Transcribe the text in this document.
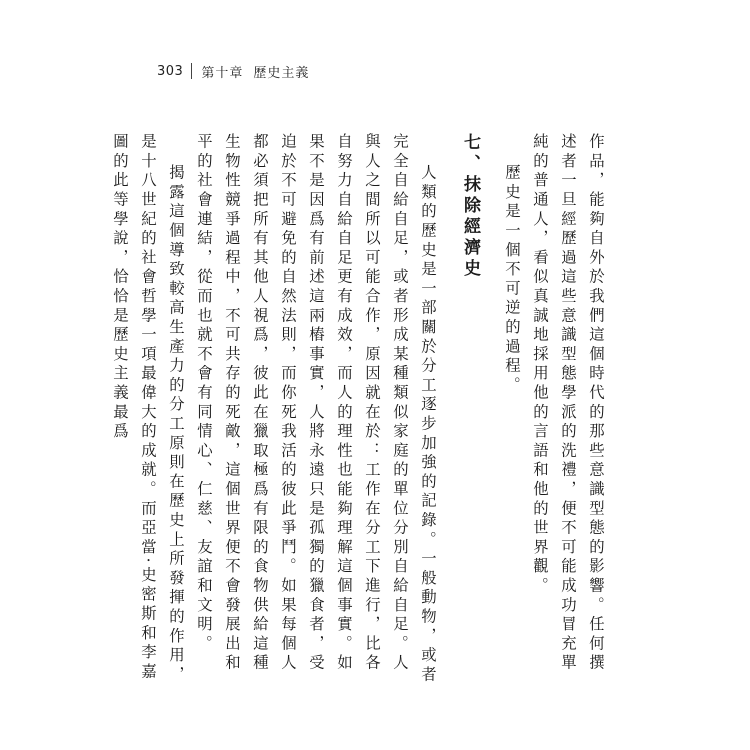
303 第十章 歷史主義

作品，能夠自外於我們這個時代的那些意識型態的影響。任何撰述者一旦經歷過這些意識型態學派的洗禮，便不可能成功冒充單純的普通人，看似真誠地採用他的言語和他的世界觀。

歷史是一個不可逆的過程。

七、抹除經濟史

人類的歷史是一部關於分工逐步加強的記錄。一般動物，或者完全自給自足，或者形成某種類似家庭的單位分別自給自足。人與人之間所以可能合作，原因就在於：工作在分工下進行，比各自努力自給自足更有成效，而人的理性也能夠理解這個事實。如果不是因爲有前述這兩樁事實，人將永遠只是孤獨的獵食者，受迫於不可避免的自然法則，而你死我活的彼此爭鬥。如果每個人都必須把所有其他人視爲，彼此在獵取極爲有限的食物供給這種生物性競爭過程中，不可共存的死敵，這個世界便不會發展出和平的社會連結，從而也就不會有同情心、仁慈、友誼和文明。

揭露這個導致較高生產力的分工原則在歷史上所發揮的作用，是十八世紀的社會哲學一項最偉大的成就。而亞當·史密斯和李嘉圖的此等學說，恰恰是歷史主義最爲
